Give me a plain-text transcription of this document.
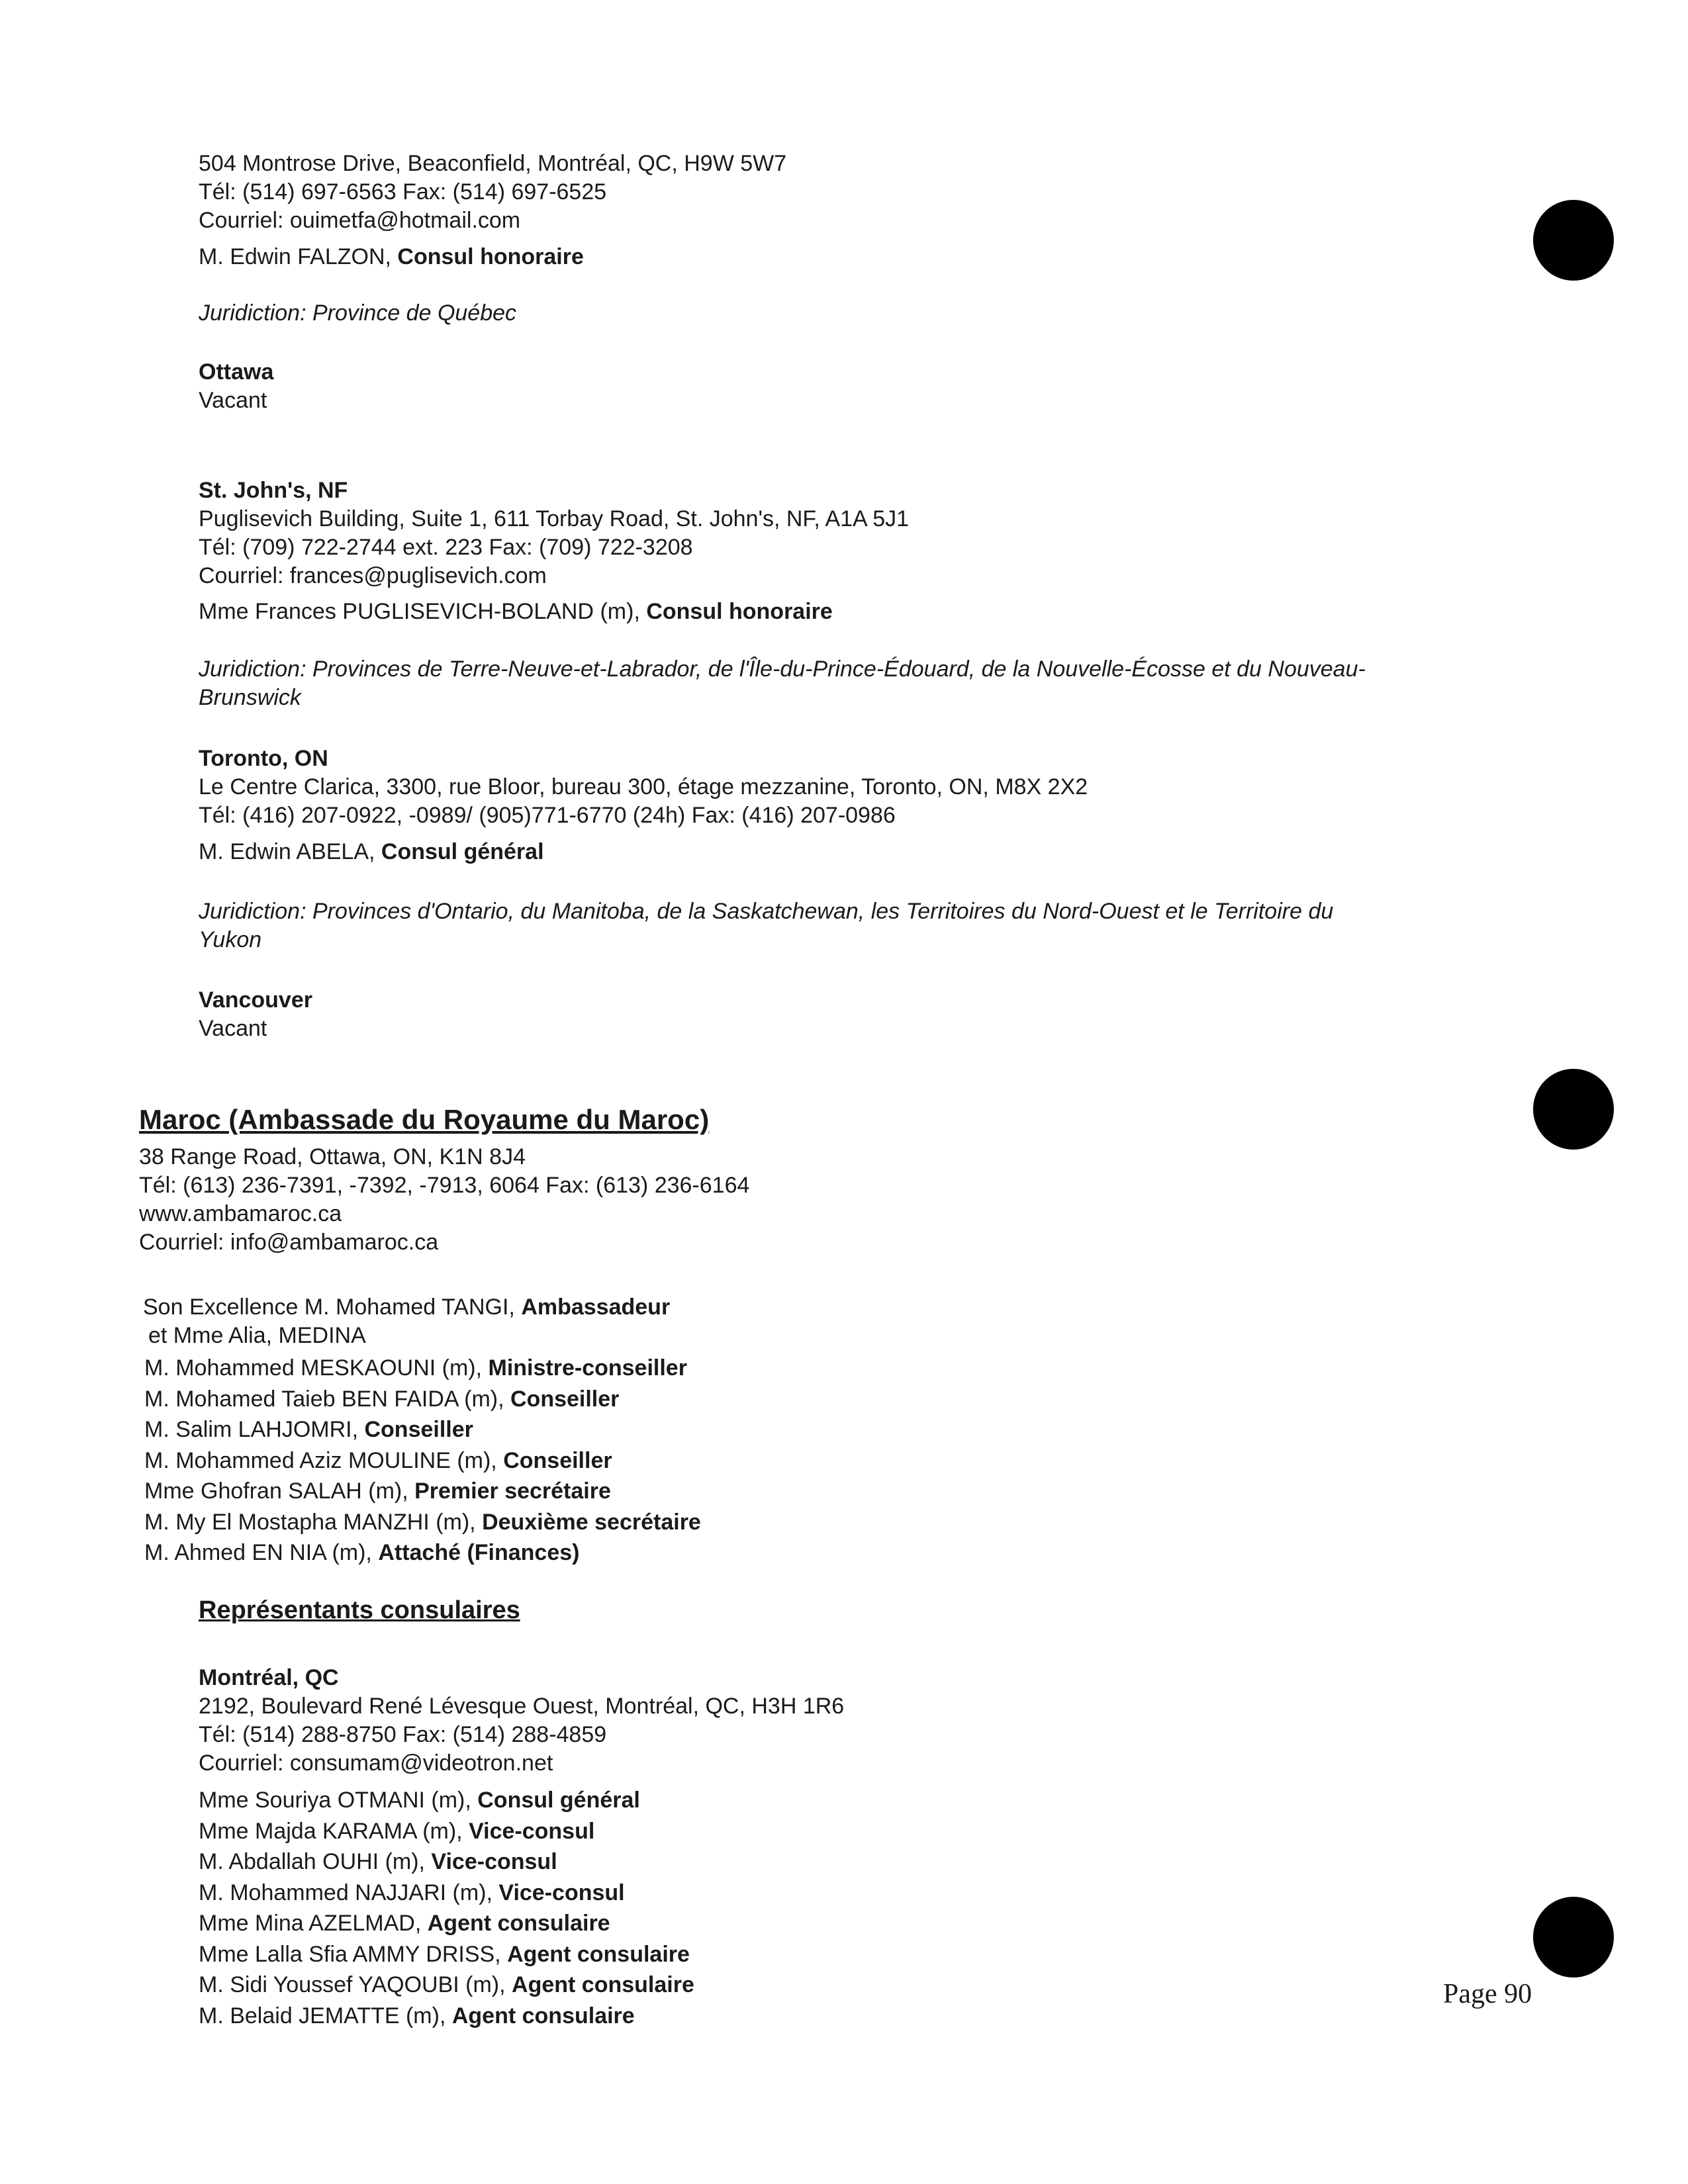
504 Montrose Drive, Beaconfield, Montréal, QC, H9W 5W7
Tél: (514) 697-6563 Fax: (514) 697-6525
Courriel: ouimetfa@hotmail.com
M. Edwin FALZON, Consul honoraire
Juridiction: Province de Québec
Ottawa
Vacant
St. John's, NF
Puglisevich Building, Suite 1, 611 Torbay Road, St. John's, NF, A1A 5J1
Tél: (709) 722-2744 ext. 223 Fax: (709) 722-3208
Courriel: frances@puglisevich.com
Mme Frances PUGLISEVICH-BOLAND (m), Consul honoraire
Juridiction: Provinces de Terre-Neuve-et-Labrador, de l'Île-du-Prince-Édouard, de la Nouvelle-Écosse et du Nouveau-
Brunswick
Toronto, ON
Le Centre Clarica, 3300, rue Bloor, bureau 300, étage mezzanine, Toronto, ON, M8X 2X2
Tél: (416) 207-0922, -0989/ (905)771-6770 (24h) Fax: (416) 207-0986
M. Edwin ABELA, Consul général
Juridiction: Provinces d'Ontario, du Manitoba, de la Saskatchewan, les Territoires du Nord-Ouest et le Territoire du
Yukon
Vancouver
Vacant
Maroc (Ambassade du Royaume du Maroc)
38 Range Road, Ottawa, ON, K1N 8J4
Tél: (613) 236-7391, -7392, -7913, 6064 Fax: (613) 236-6164
www.ambamaroc.ca
Courriel: info@ambamaroc.ca
Son Excellence M. Mohamed TANGI, Ambassadeur
et Mme Alia, MEDINA
M. Mohammed MESKAOUNI (m), Ministre-conseiller
M. Mohamed Taieb BEN FAIDA (m), Conseiller
M. Salim LAHJOMRI, Conseiller
M. Mohammed Aziz MOULINE (m), Conseiller
Mme Ghofran SALAH (m), Premier secrétaire
M. My El Mostapha MANZHI (m), Deuxième secrétaire
M. Ahmed EN NIA (m), Attaché (Finances)
Représentants consulaires
Montréal, QC
2192, Boulevard René Lévesque Ouest, Montréal, QC, H3H 1R6
Tél: (514) 288-8750 Fax: (514) 288-4859
Courriel: consumam@videotron.net
Mme Souriya OTMANI (m), Consul général
Mme Majda KARAMA (m), Vice-consul
M. Abdallah OUHI (m), Vice-consul
M. Mohammed NAJJARI (m), Vice-consul
Mme Mina AZELMAD, Agent consulaire
Mme Lalla Sfia AMMY DRISS, Agent consulaire
M. Sidi Youssef YAQOUBI (m), Agent consulaire
M. Belaid JEMATTE (m), Agent consulaire
Page 90
